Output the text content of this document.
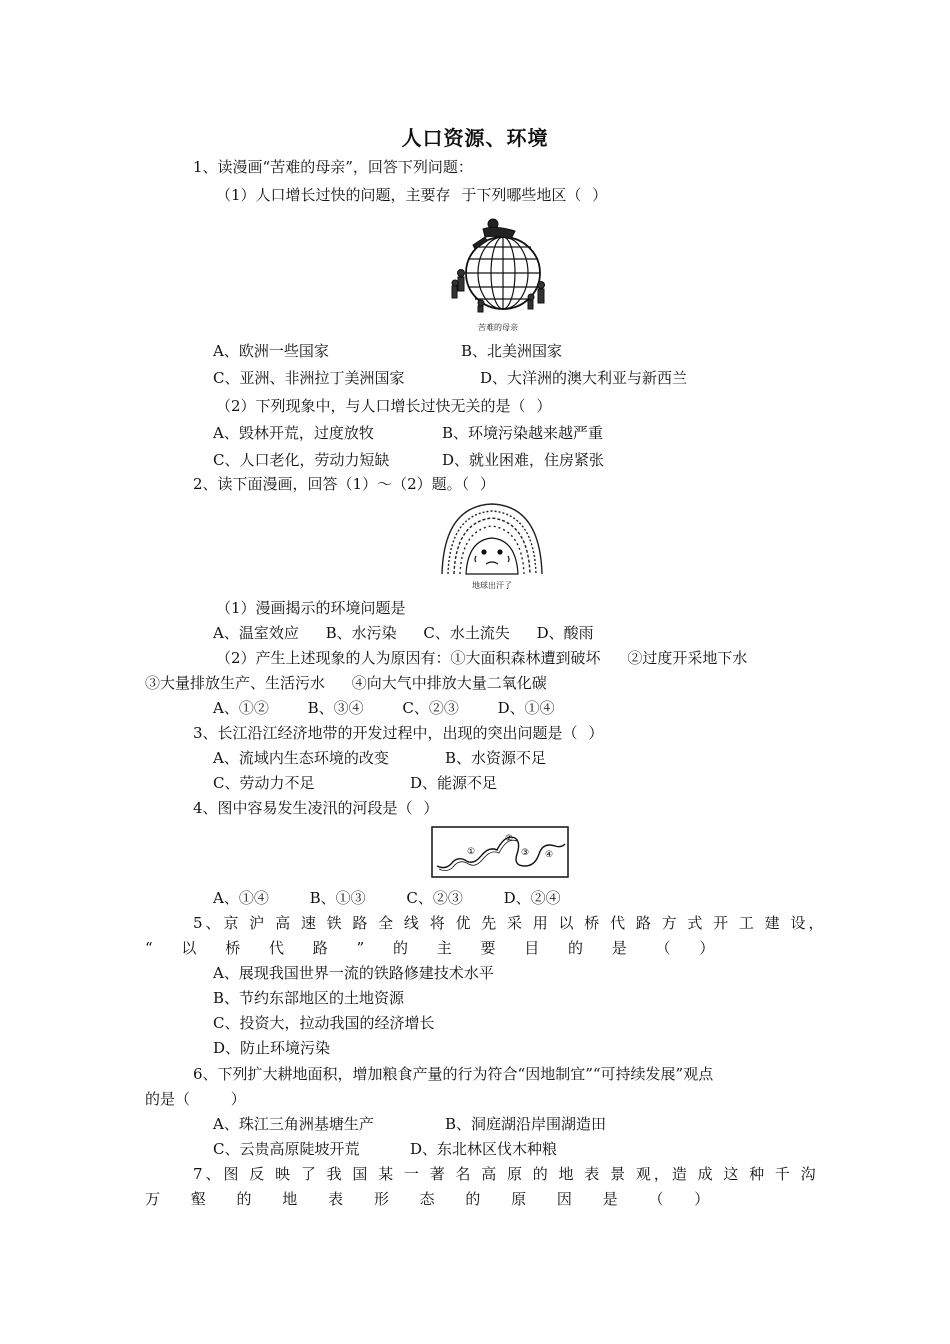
人口资源、环境
1、读漫画“苦难的母亲”，回答下列问题：
（1）人口增长过快的问题，主要存 于下列哪些地区（ ）
苦难的母亲
A、欧洲一些国家	B、北美洲国家
C、亚洲、非洲拉丁美洲国家	D、大洋洲的澳大利亚与新西兰
（2）下列现象中，与人口增长过快无关的是（ ）
A、毁林开荒，过度放牧	B、环境污染越来越严重
C、人口老化，劳动力短缺	D、就业困难，住房紧张
2、读下面漫画，回答（1）～（2）题。（ ）
地球出汗了
（1）漫画揭示的环境问题是
A、温室效应 B、水污染 C、水土流失 D、酸雨
（2）产生上述现象的人为原因有：①大面积森林遭到破坏 ②过度开采地下水
③大量排放生产、生活污水 ④向大气中排放大量二氧化碳
A、①② B、③④ C、②③ D、①④
3、长江沿江经济地带的开发过程中，出现的突出问题是（ ）
A、流域内生态环境的改变	B、水资源不足
C、劳动力不足	D、能源不足
4、图中容易发生凌汛的河段是（ ）
①
②
③ ④
A、①④ B、①③ C、②③ D、②④
5、京 沪 高 速 铁 路 全 线 将 优 先 采 用 以 桥 代 路 方 式 开 工 建 设，
“ 以 桥 代 路 ” 的 主 要 目 的 是 （ ）
A、展现我国世界一流的铁路修建技术水平
B、节约东部地区的土地资源
C、投资大，拉动我国的经济增长
D、防止环境污染
6、下列扩大耕地面积，增加粮食产量的行为符合“因地制宜”“可持续发展”观点
的是（ ）
A、珠江三角洲基塘生产	B、洞庭湖沿岸围湖造田
C、云贵高原陡坡开荒	D、东北林区伐木种粮
7、图 反 映 了 我 国 某 一 著 名 高 原 的 地 表 景 观，造 成 这 种 千 沟
万 壑 的 地 表 形 态 的 原 因 是 （ ）
